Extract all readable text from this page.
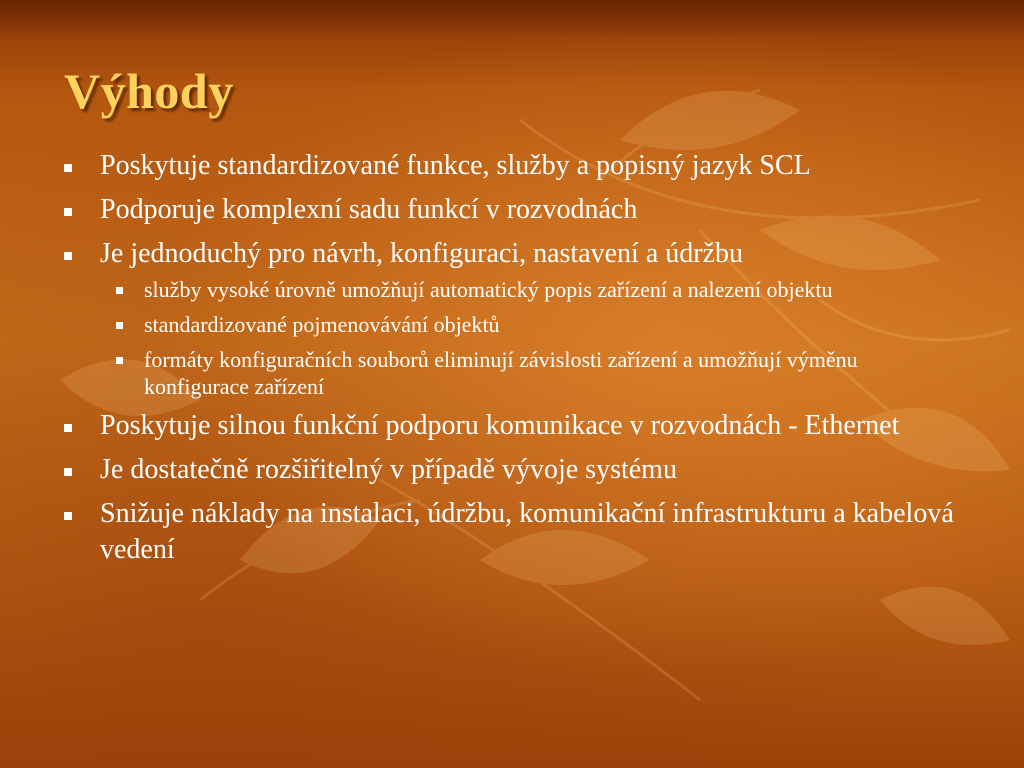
Výhody
Poskytuje standardizované funkce, služby a popisný jazyk SCL
Podporuje komplexní sadu funkcí v rozvodnách
Je jednoduchý pro návrh, konfiguraci, nastavení a údržbu
služby vysoké úrovně umožňují automatický popis zařízení a nalezení objektu
standardizované pojmenovávání objektů
formáty konfiguračních souborů eliminují závislosti zařízení a umožňují výměnu konfigurace zařízení
Poskytuje silnou funkční podporu komunikace v rozvodnách - Ethernet
Je dostatečně rozšiřitelný v případě vývoje systému
Snižuje náklady na instalaci, údržbu, komunikační infrastrukturu a kabelová vedení
